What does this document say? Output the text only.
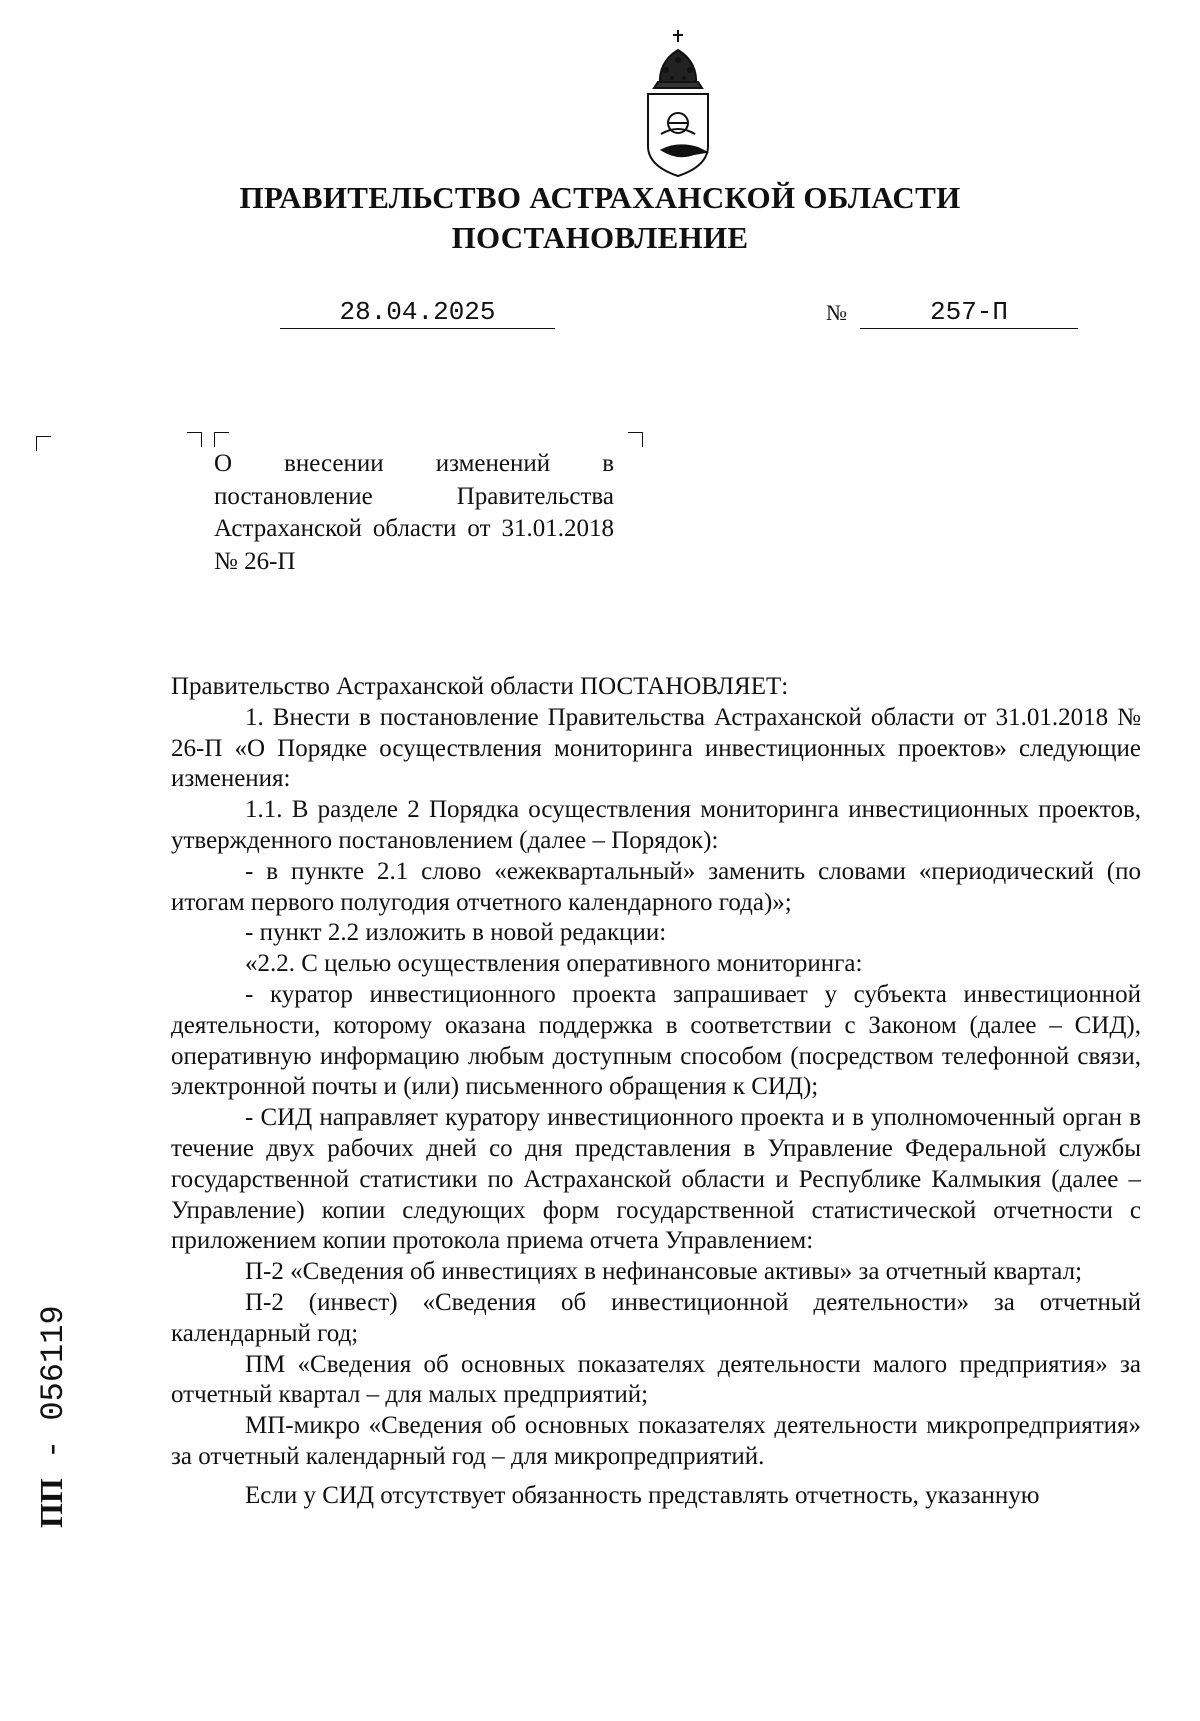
ПРАВИТЕЛЬСТВО АСТРАХАНСКОЙ ОБЛАСТИ
ПОСТАНОВЛЕНИЕ
28.04.2025	№	257-П
О внесении изменений в постановление Правительства Астраханской области от 31.01.2018 № 26-П

Правительство Астраханской области ПОСТАНОВЛЯЕТ:

1. Внести в постановление Правительства Астраханской области от 31.01.2018 № 26-П «О Порядке осуществления мониторинга инвестиционных проектов» следующие изменения:

1.1. В разделе 2 Порядка осуществления мониторинга инвестиционных проектов, утвержденного постановлением (далее – Порядок):

- в пункте 2.1 слово «ежеквартальный» заменить словами «периодический (по итогам первого полугодия отчетного календарного года)»;

- пункт 2.2 изложить в новой редакции:

«2.2. С целью осуществления оперативного мониторинга:

- куратор инвестиционного проекта запрашивает у субъекта инвестиционной деятельности, которому оказана поддержка в соответствии с Законом (далее – СИД), оперативную информацию любым доступным способом (посредством телефонной связи, электронной почты и (или) письменного обращения к СИД);

- СИД направляет куратору инвестиционного проекта и в уполномоченный орган в течение двух рабочих дней со дня представления в Управление Федеральной службы государственной статистики по Астраханской области и Республике Калмыкия (далее – Управление) копии следующих форм государственной статистической отчетности с приложением копии протокола приема отчета Управлением:

П-2 «Сведения об инвестициях в нефинансовые активы» за отчетный квартал;

П-2 (инвест) «Сведения об инвестиционной деятельности» за отчетный календарный год;

ПМ «Сведения об основных показателях деятельности малого предприятия» за отчетный квартал – для малых предприятий;

МП-микро «Сведения об основных показателях деятельности микропредприятия» за отчетный календарный год – для микропредприятий.

Если у СИД отсутствует обязанность представлять отчетность, указанную

ПП - 056119
